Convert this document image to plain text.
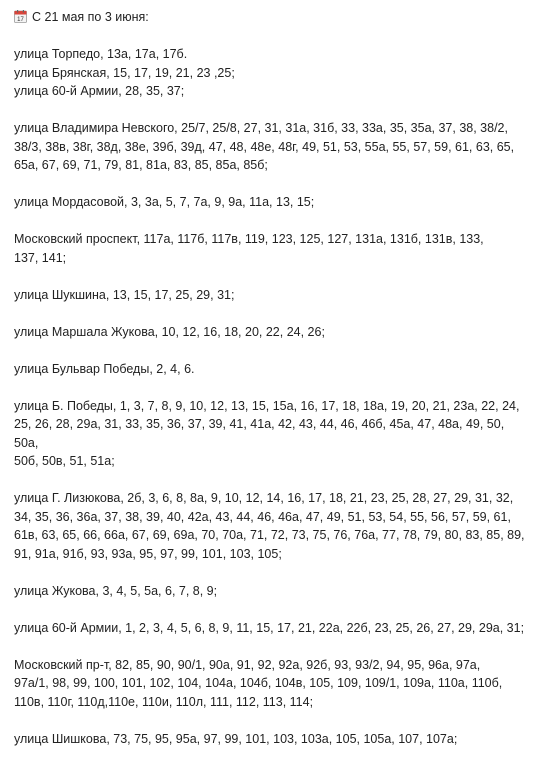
17 С 21 мая по 3 июня:
улица Торпедо, 13а, 17а, 17б.
улица Брянская, 15, 17, 19, 21, 23 ,25;
улица 60-й Армии, 28, 35, 37;
улица Владимира Невского, 25/7, 25/8, 27, 31, 31а, 31б, 33, 33а, 35, 35а, 37, 38, 38/2,
38/3, 38в, 38г, 38д, 38е, 39б, 39д, 47, 48, 48е, 48г, 49, 51, 53, 55а, 55, 57, 59, 61, 63, 65,
65а, 67, 69, 71, 79, 81, 81а, 83, 85, 85а, 85б;
улица Мордасовой, 3, 3а, 5, 7, 7а, 9, 9а, 11а, 13, 15;
Московский проспект, 117а, 117б, 117в, 119, 123, 125, 127, 131а, 131б, 131в, 133,
137, 141;
улица Шукшина, 13, 15, 17, 25, 29, 31;
улица Маршала Жукова, 10, 12, 16, 18, 20, 22, 24, 26;
улица Бульвар Победы, 2, 4, 6.
улица Б. Победы, 1, 3, 7, 8, 9, 10, 12, 13, 15, 15а, 16, 17, 18, 18а, 19, 20, 21, 23а, 22, 24,
25, 26, 28, 29а, 31, 33, 35, 36, 37, 39, 41, 41а, 42, 43, 44, 46, 46б, 45а, 47, 48а, 49, 50, 50а,
50б, 50в, 51, 51а;
улица Г. Лизюкова, 2б, 3, 6, 8, 8а, 9, 10, 12, 14, 16, 17, 18, 21, 23, 25, 28, 27, 29, 31, 32,
34, 35, 36, 36а, 37, 38, 39, 40, 42а, 43, 44, 46, 46а, 47, 49, 51, 53, 54, 55, 56, 57, 59, 61,
61в, 63, 65, 66, 66а, 67, 69, 69а, 70, 70а, 71, 72, 73, 75, 76, 76а, 77, 78, 79, 80, 83, 85, 89,
91, 91а, 91б, 93, 93а, 95, 97, 99, 101, 103, 105;
улица Жукова, 3, 4, 5, 5а, 6, 7, 8, 9;
улица 60-й Армии, 1, 2, 3, 4, 5, 6, 8, 9, 11, 15, 17, 21, 22а, 22б, 23, 25, 26, 27, 29, 29а, 31;
Московский пр-т, 82, 85, 90, 90/1, 90а, 91, 92, 92а, 92б, 93, 93/2, 94, 95, 96а, 97а,
97а/1, 98, 99, 100, 101, 102, 104, 104а, 104б, 104в, 105, 109, 109/1, 109а, 110а, 110б,
110в, 110г, 110д,110е, 110и, 110л, 111, 112, 113, 114;
улица Шишкова, 73, 75, 95, 95а, 97, 99, 101, 103, 103а, 105, 105а, 107, 107а;
